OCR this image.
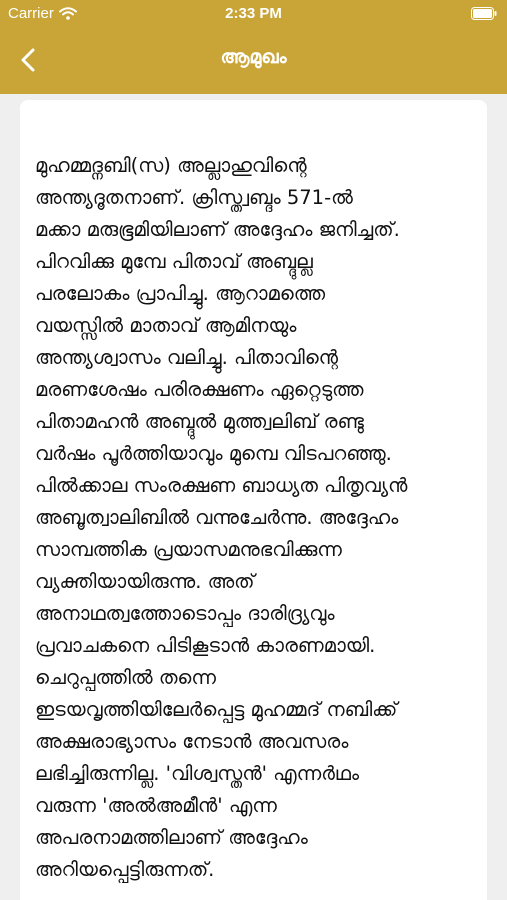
Carrier	2:33 PM
ആമുഖം

മുഹമ്മദ്നബി(സ) അല്ലാഹുവിന്റെ
അന്ത്യദൂതനാണ്. ക്രിസ്ത്വബ്ദം 571-ൽ
മക്കാ മരുഭൂമിയിലാണ് അദ്ദേഹം ജനിച്ചത്.
പിറവിക്കു മുമ്പേ പിതാവ് അബ്ദുല്ല
പരലോകം പ്രാപിച്ചു. ആറാമത്തെ
വയസ്സിൽ മാതാവ് ആമിനയും
അന്ത്യശ്വാസം വലിച്ചു. പിതാവിന്റെ
മരണശേഷം പരിരക്ഷണം ഏറ്റെടുത്ത
പിതാമഹൻ അബ്ദുൽ മുത്ത്വലിബ് രണ്ടു
വർഷം പൂർത്തിയാവും മുമ്പെ വിടപറഞ്ഞു.
പിൽക്കാല സംരക്ഷണ ബാധ്യത പിതൃവ്യൻ
അബൂത്വാലിബിൽ വന്നുചേർന്നു. അദ്ദേഹം
സാമ്പത്തിക പ്രയാസമനുഭവിക്കുന്ന
വ്യക്തിയായിരുന്നു. അത്
അനാഥത്വത്തോടൊപ്പം ദാരിദ്ര്യവും
പ്രവാചകനെ പിടികൂടാൻ കാരണമായി.
ചെറുപ്പത്തിൽ തന്നെ
ഇടയവൃത്തിയിലേർപ്പെട്ട മുഹമ്മദ് നബിക്ക്
അക്ഷരാഭ്യാസം നേടാൻ അവസരം
ലഭിച്ചിരുന്നില്ല. 'വിശ്വസ്തൻ' എന്നർഥം
വരുന്ന 'അൽഅമീൻ' എന്ന
അപരനാമത്തിലാണ് അദ്ദേഹം
അറിയപ്പെട്ടിരുന്നത്.
